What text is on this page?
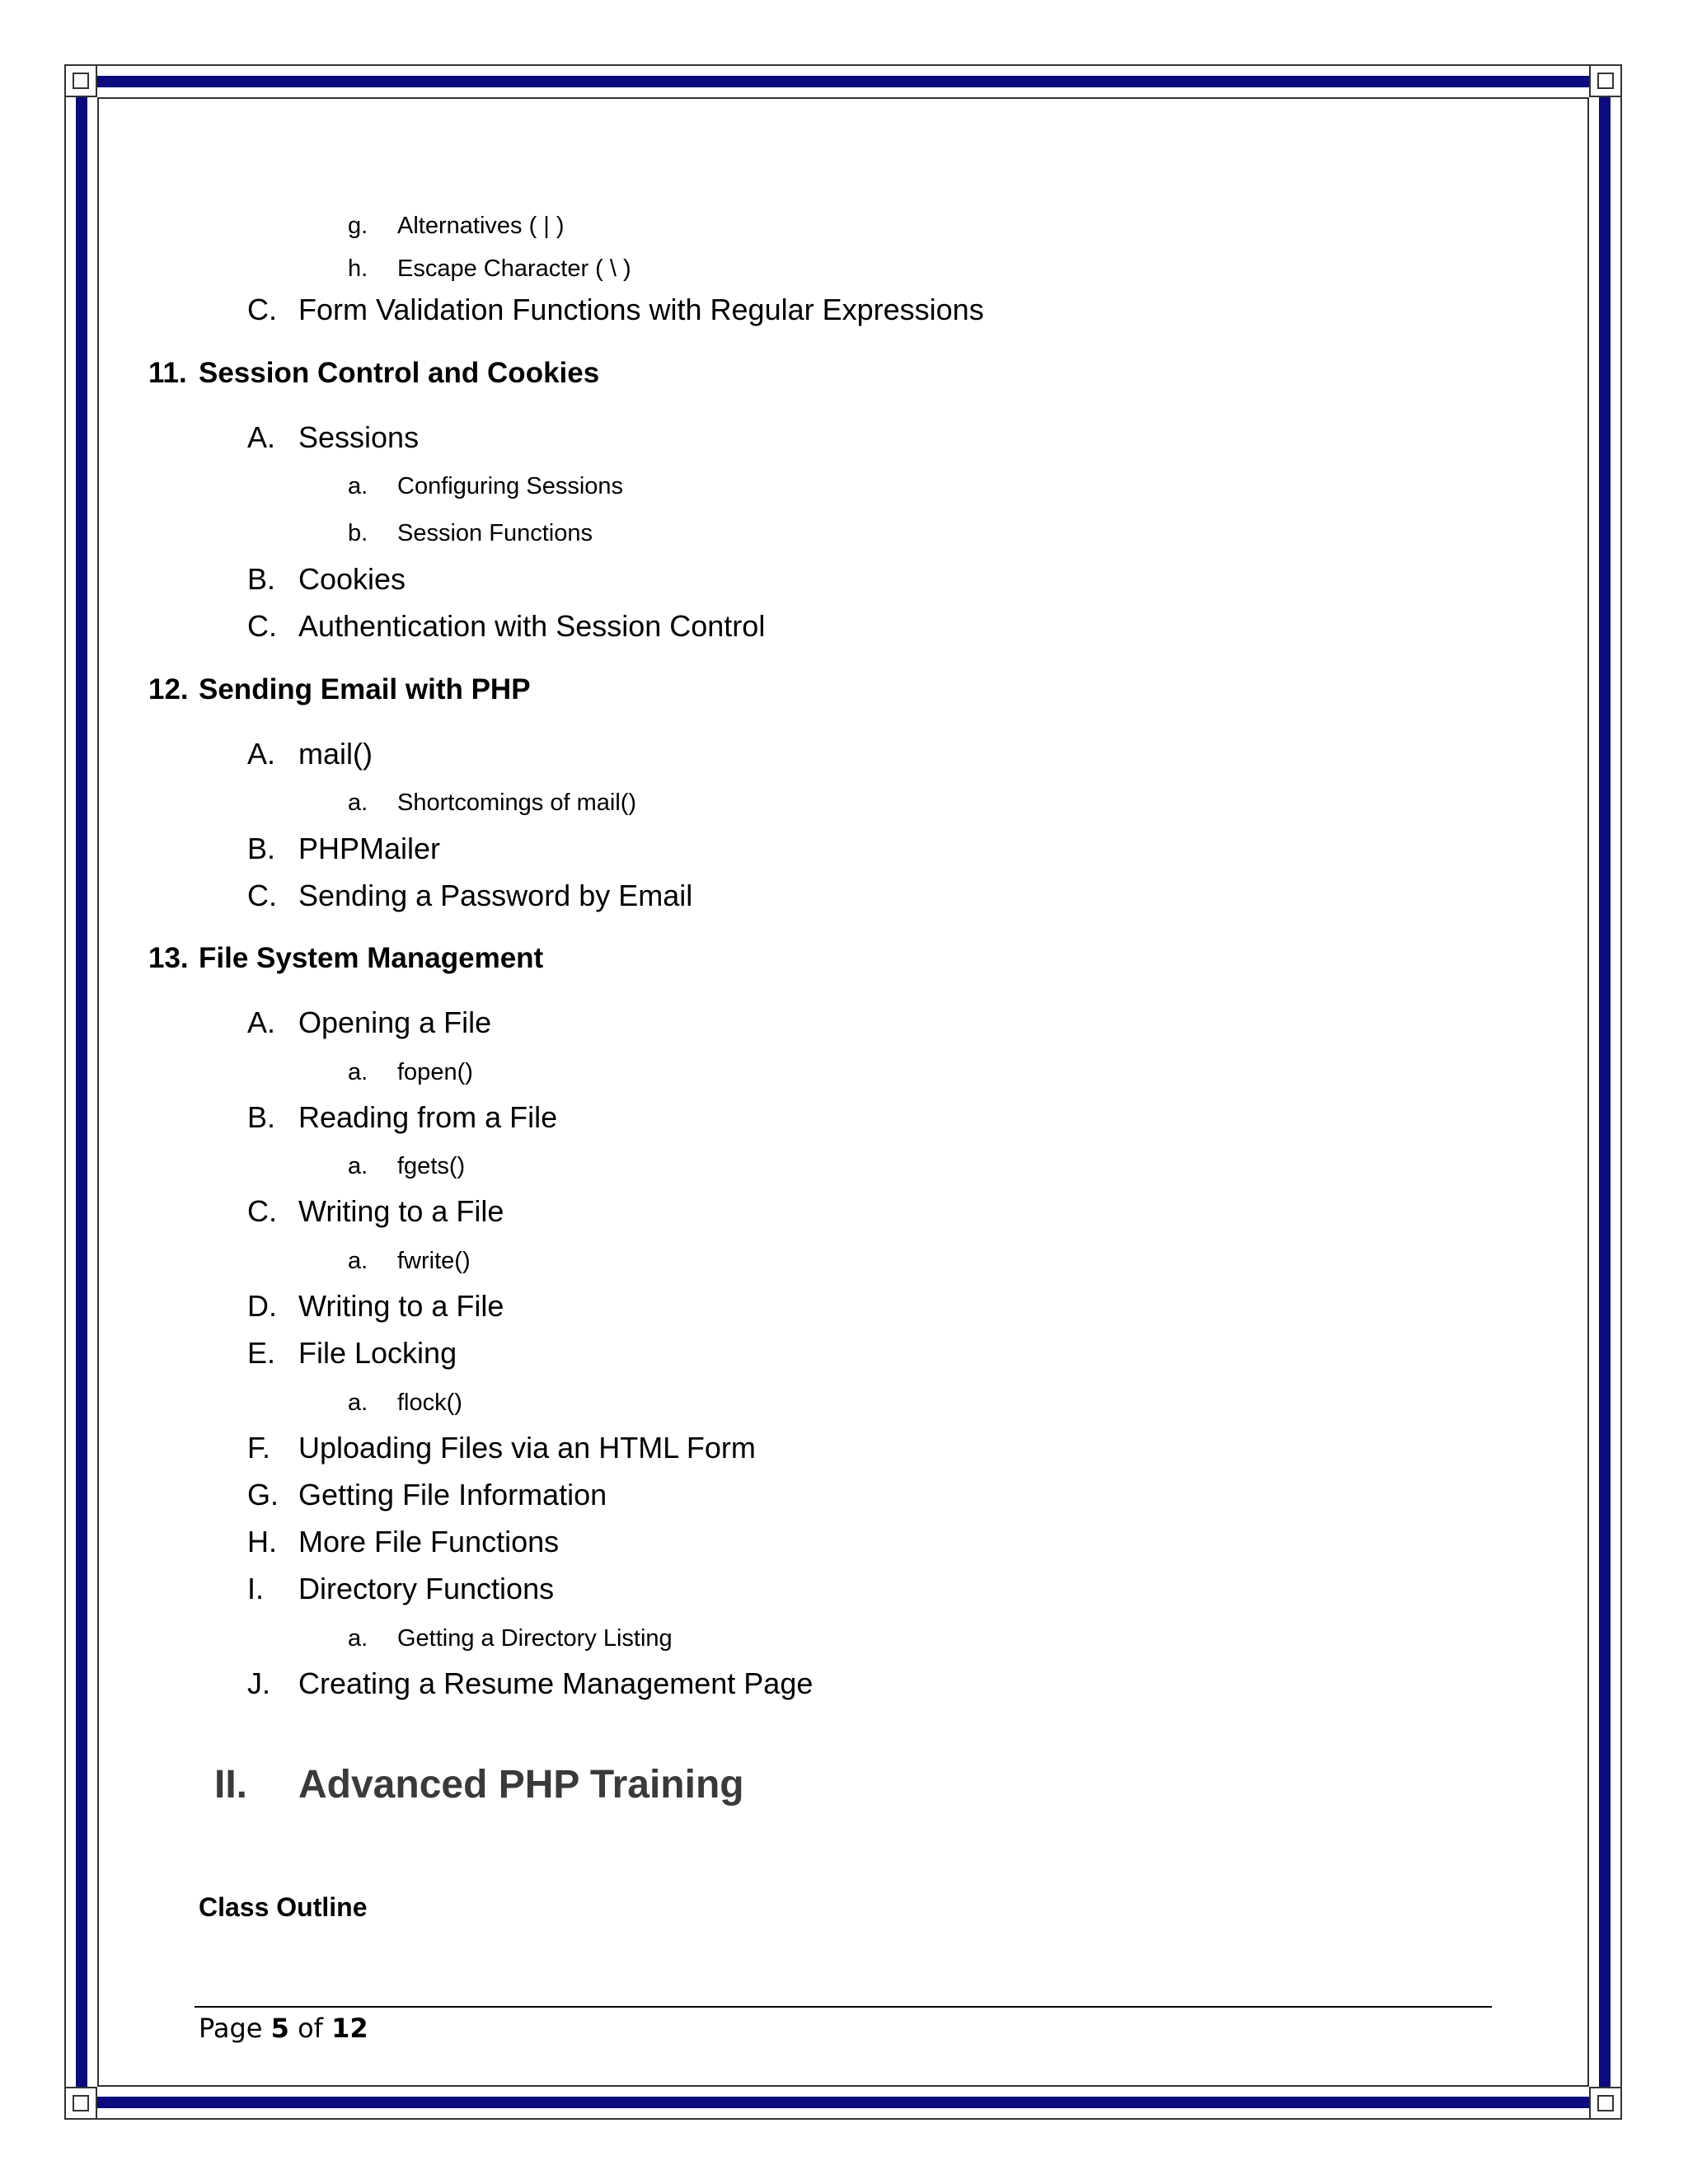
g. Alternatives ( | )
h. Escape Character ( \ )
C. Form Validation Functions with Regular Expressions
11. Session Control and Cookies
A. Sessions
a. Configuring Sessions
b. Session Functions
B. Cookies
C. Authentication with Session Control
12. Sending Email with PHP
A. mail()
a. Shortcomings of mail()
B. PHPMailer
C. Sending a Password by Email
13. File System Management
A. Opening a File
a. fopen()
B. Reading from a File
a. fgets()
C. Writing to a File
a. fwrite()
D. Writing to a File
E. File Locking
a. flock()
F. Uploading Files via an HTML Form
G. Getting File Information
H. More File Functions
I. Directory Functions
a. Getting a Directory Listing
J. Creating a Resume Management Page
II. Advanced PHP Training
Class Outline
Page 5 of 12
